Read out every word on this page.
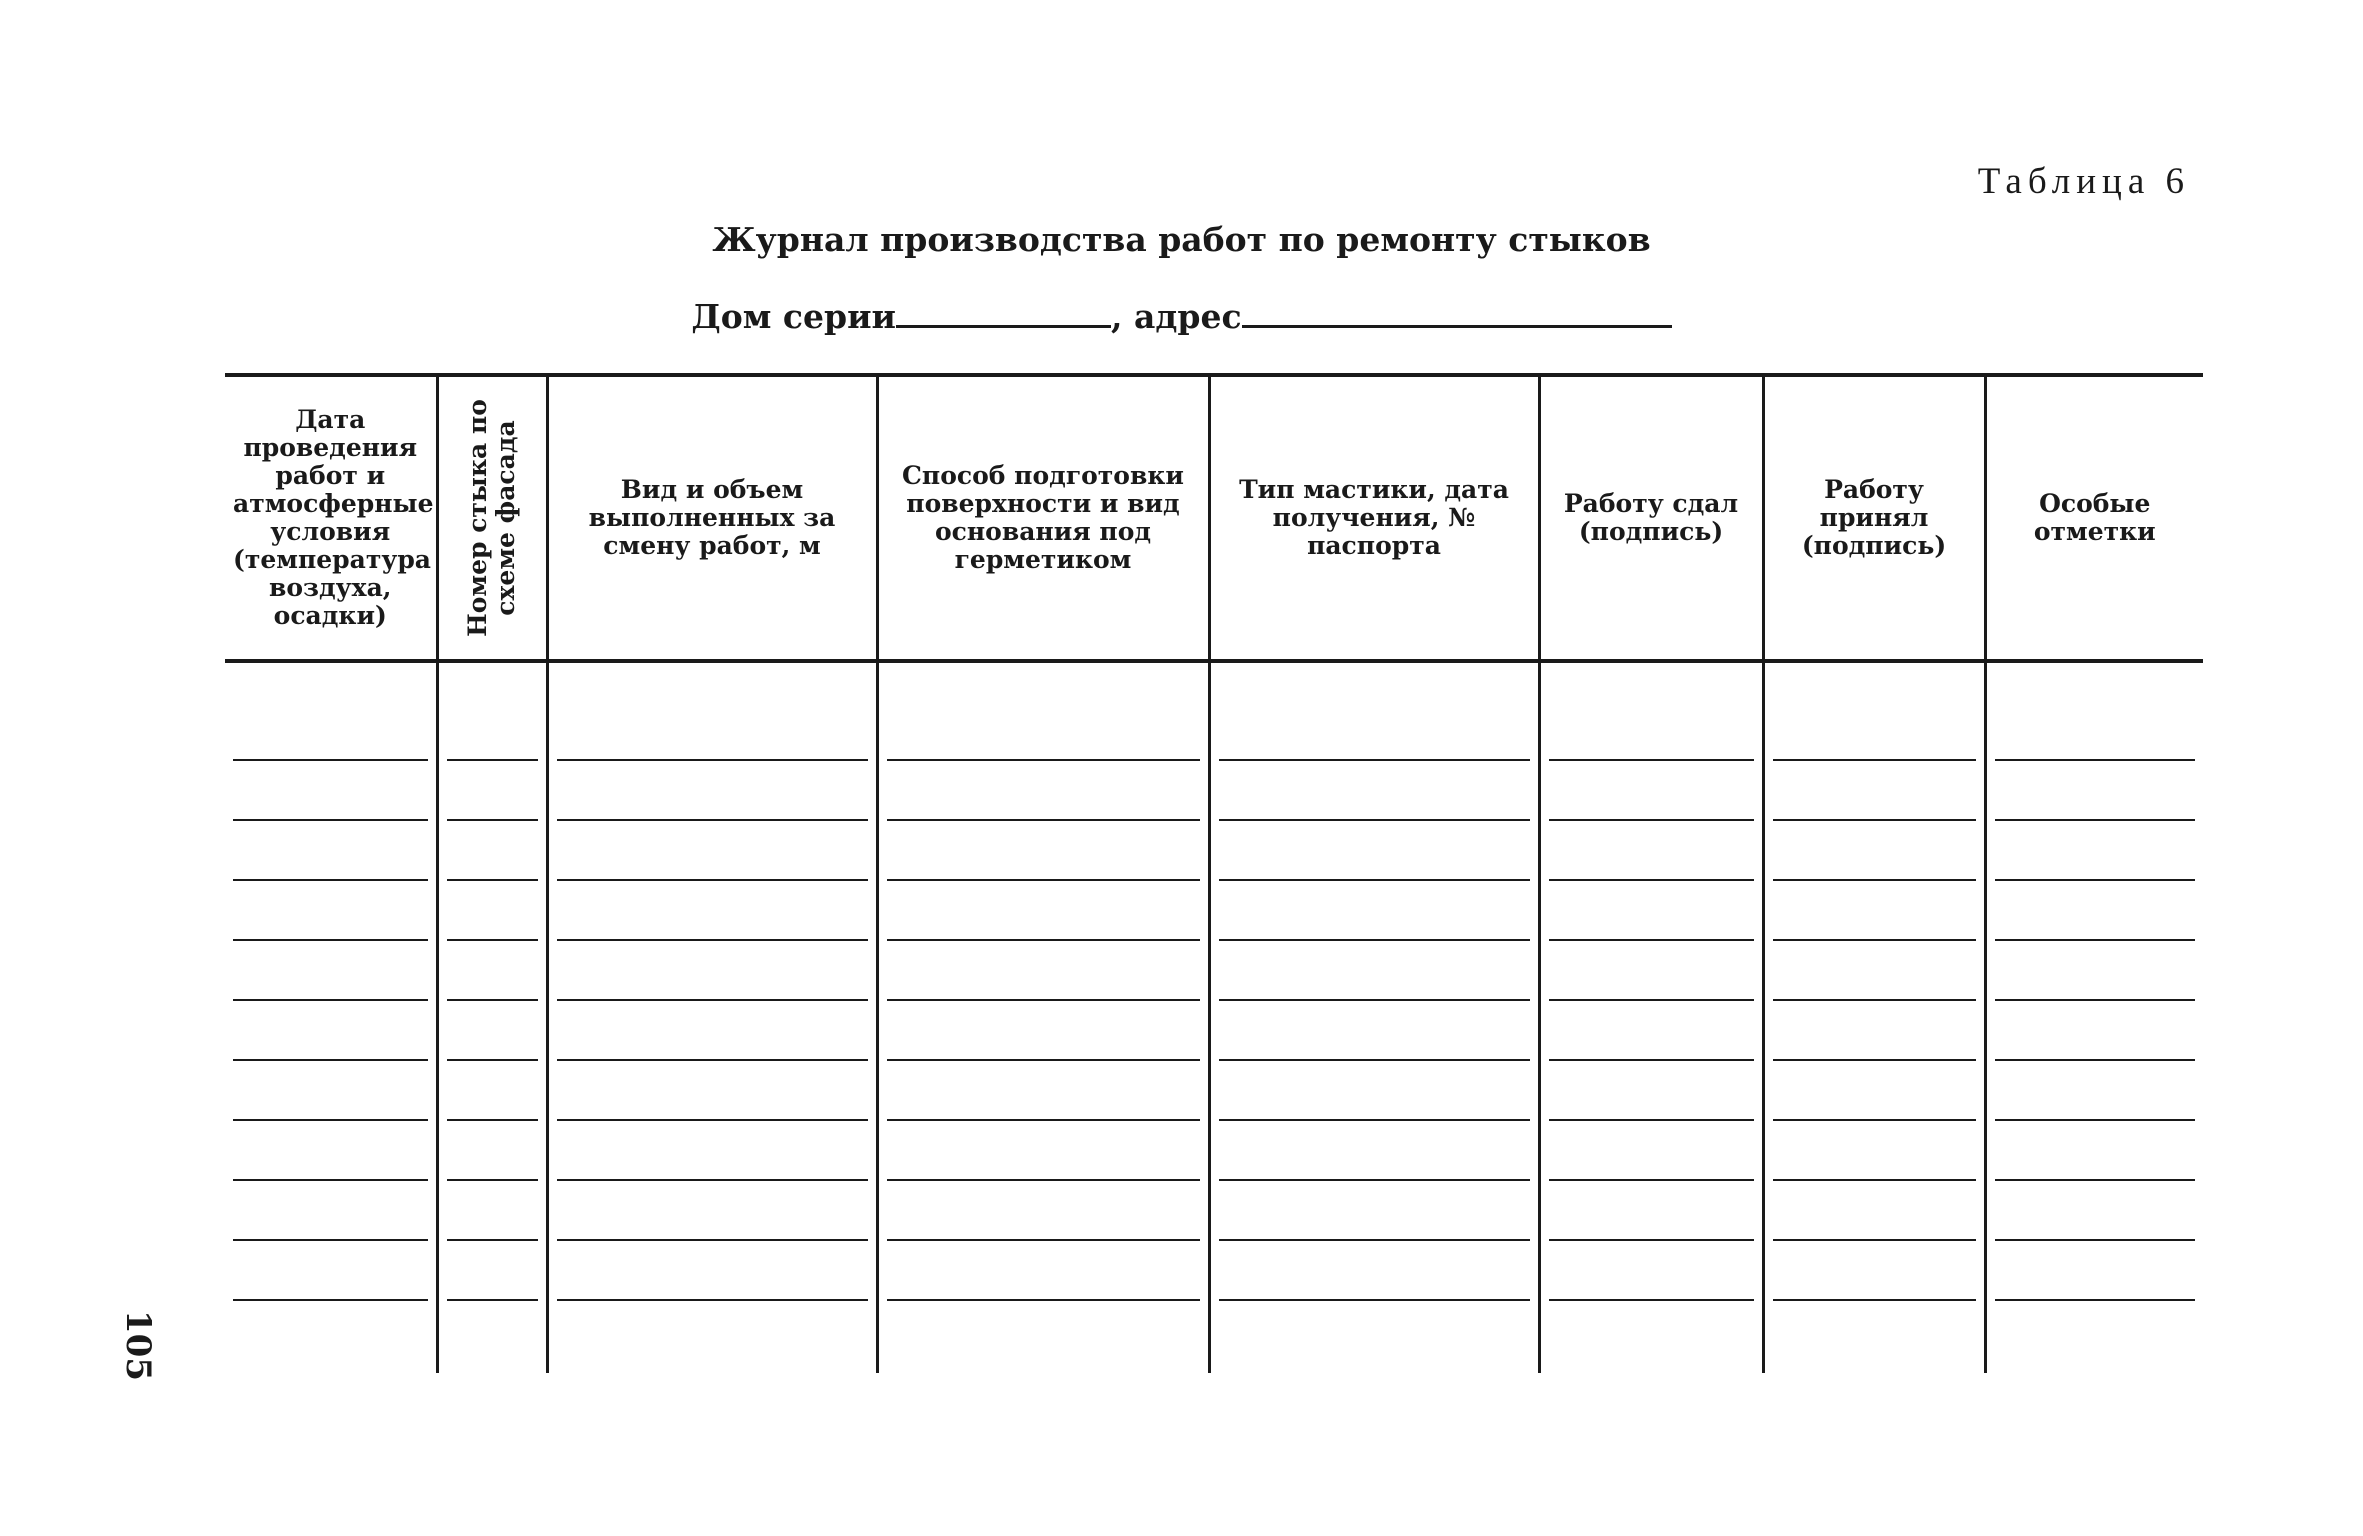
Таблица 6
Журнал производства работ по ремонту стыков
Дом серии	, адрес
Дата проведения работ и атмосферные условия (температура воздуха, осадки)	Номер стыка по схеме фасада	Вид и объем выполненных за смену работ, м	Способ подготовки поверхности и вид основания под герметиком	Тип мастики, дата получения, № паспорта	Работу сдал (подпись)	Работу принял (подпись)	Особые отметки

105
